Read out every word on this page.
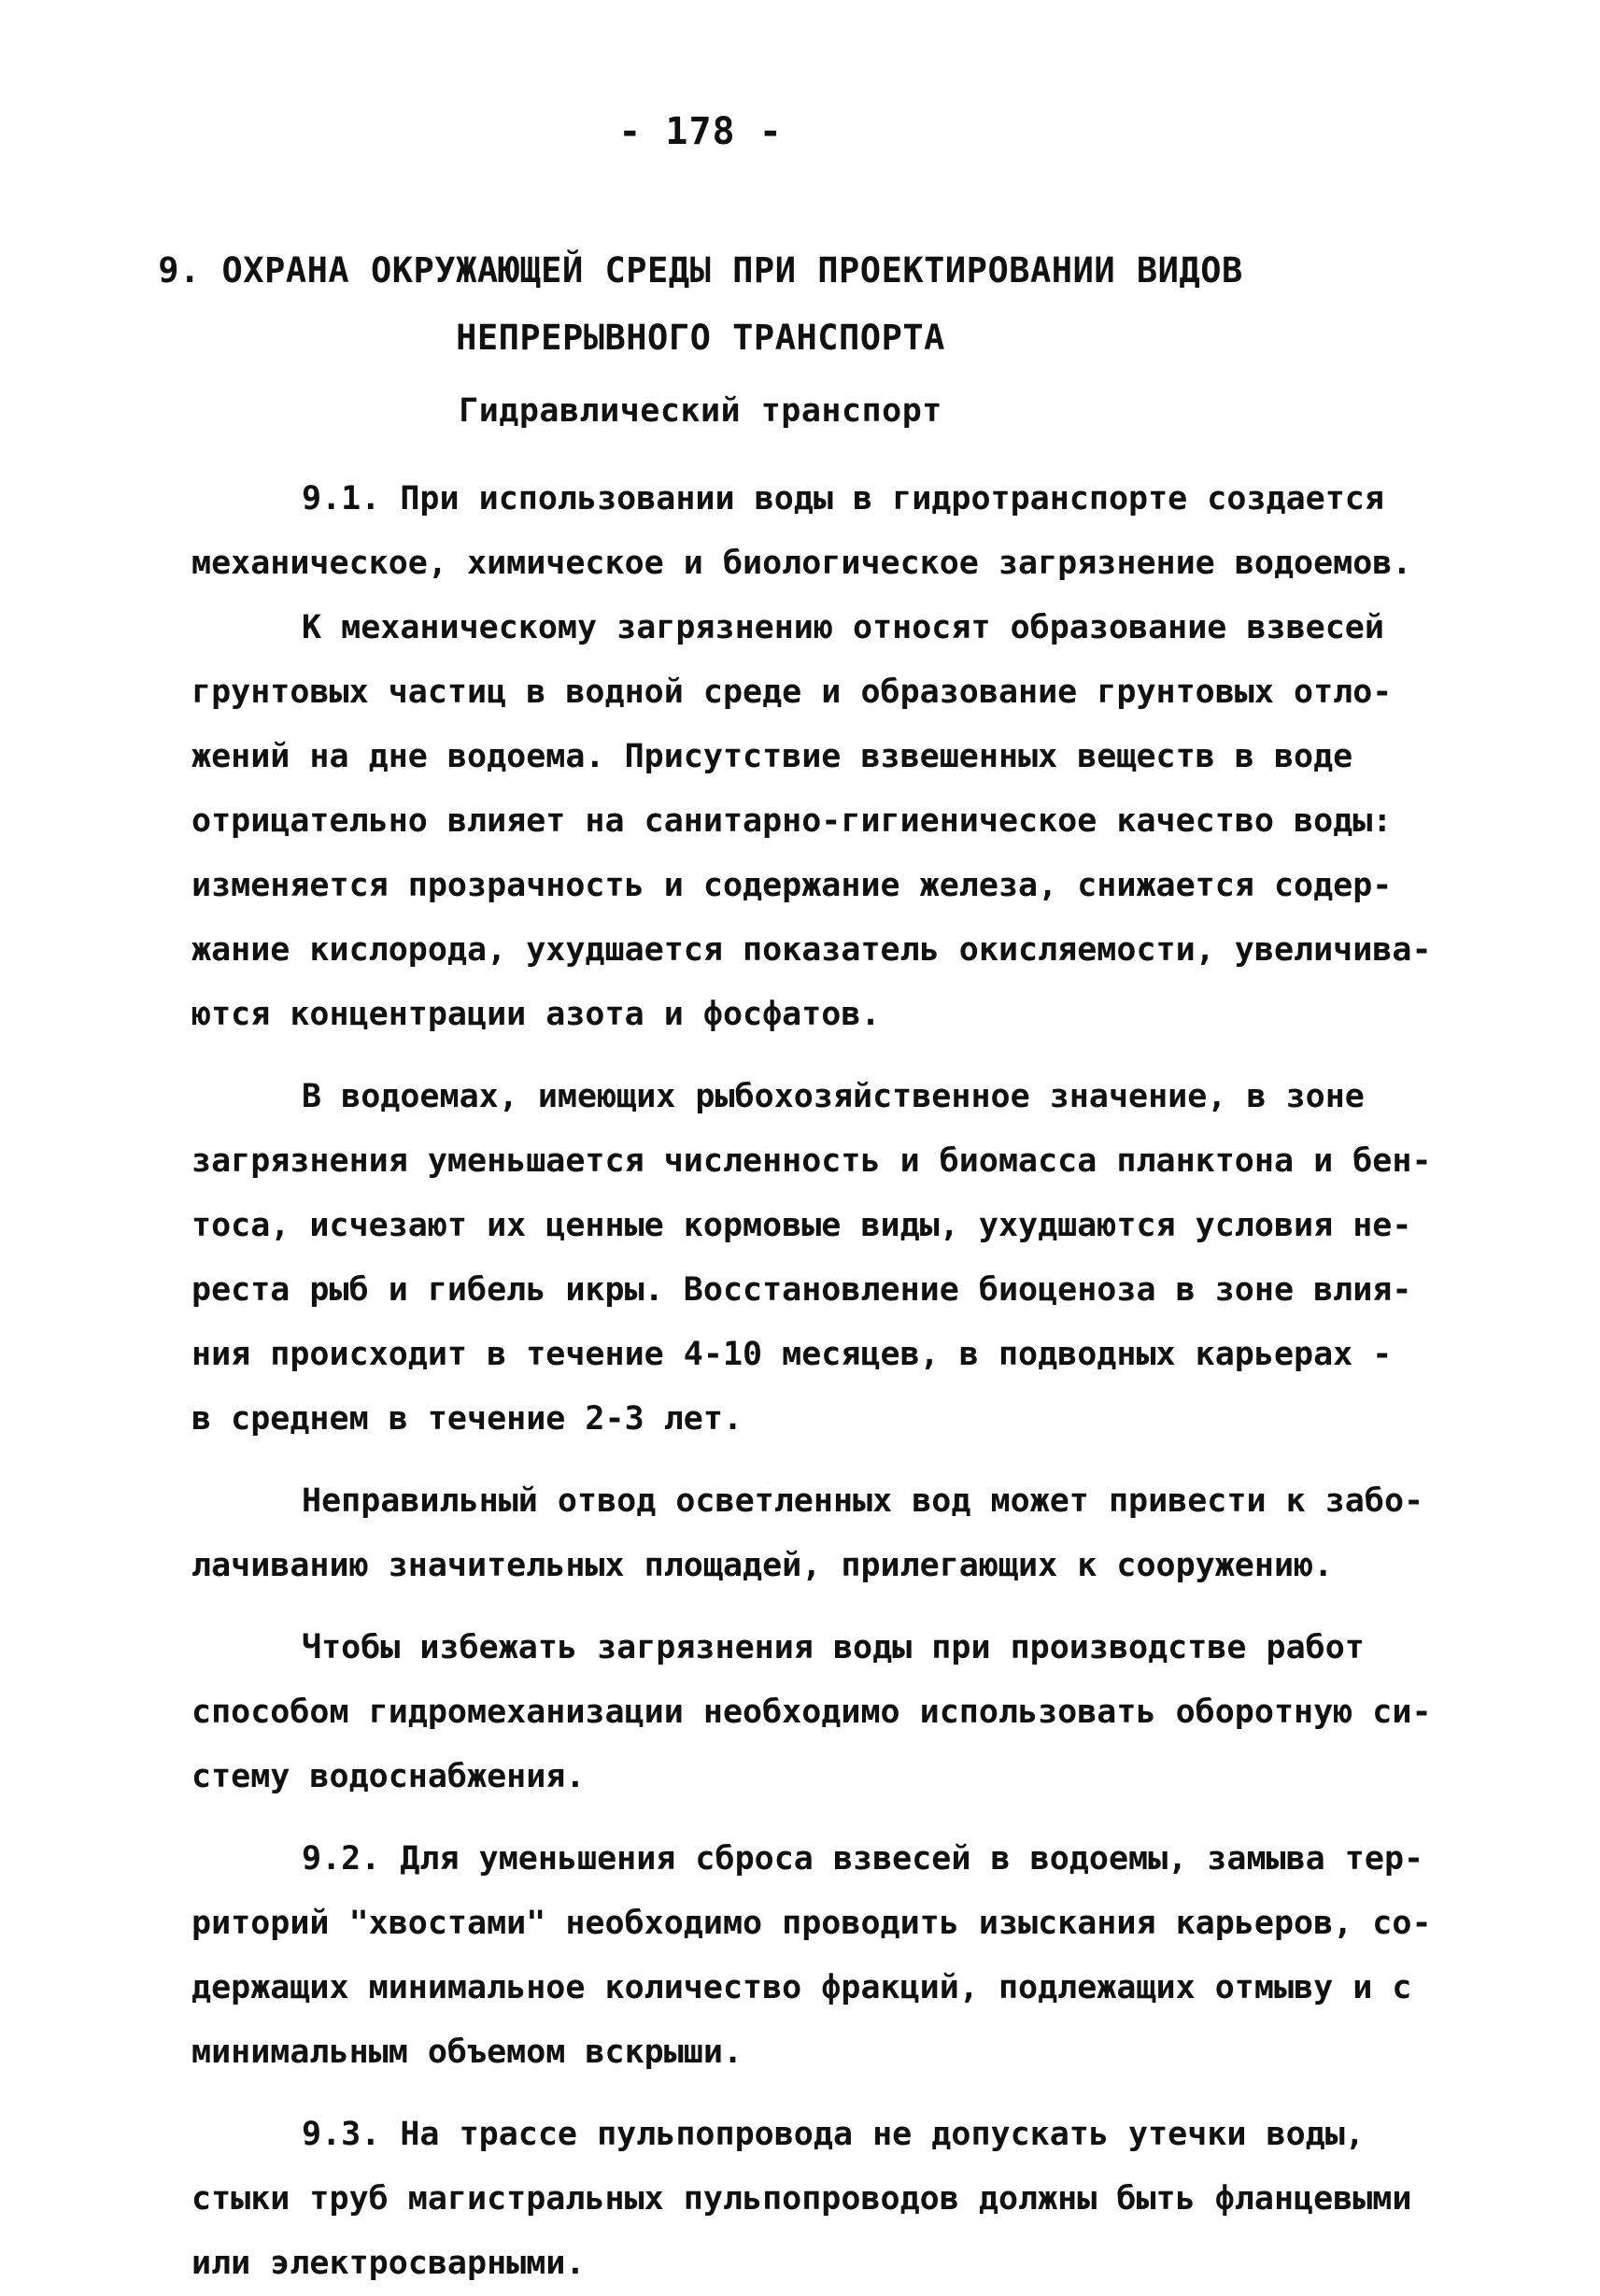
- 178 -
9. ОХРАНА ОКРУЖАЮЩЕЙ СРЕДЫ ПРИ ПРОЕКТИРОВАНИИ ВИДОВ
НЕПРЕРЫВНОГО ТРАНСПОРТА
Гидравлический транспорт
9.1. При использовании воды в гидротранспорте создается
механическое, химическое и биологическое загрязнение водоемов.
К механическому загрязнению относят образование взвесей
грунтовых частиц в водной среде и образование грунтовых отло-
жений на дне водоема. Присутствие взвешенных веществ в воде
отрицательно влияет на санитарно-гигиеническое качество воды:
изменяется прозрачность и содержание железа, снижается содер-
жание кислорода, ухудшается показатель окисляемости, увеличива-
ются концентрации азота и фосфатов.
В водоемах, имеющих рыбохозяйственное значение, в зоне
загрязнения уменьшается численность и биомасса планктона и бен-
тоса, исчезают их ценные кормовые виды, ухудшаются условия не-
реста рыб и гибель икры. Восстановление биоценоза в зоне влия-
ния происходит в течение 4-10 месяцев, в подводных карьерах -
в среднем в течение 2-3 лет.
Неправильный отвод осветленных вод может привести к забо-
лачиванию значительных площадей, прилегающих к сооружению.
Чтобы избежать загрязнения воды при производстве работ
способом гидромеханизации необходимо использовать оборотную си-
стему водоснабжения.
9.2. Для уменьшения сброса взвесей в водоемы, замыва тер-
риторий "хвостами" необходимо проводить изыскания карьеров, со-
держащих минимальное количество фракций, подлежащих отмыву и с
минимальным объемом вскрыши.
9.3. На трассе пульпопровода не допускать утечки воды,
стыки труб магистральных пульпопроводов должны быть фланцевыми
или электросварными.
